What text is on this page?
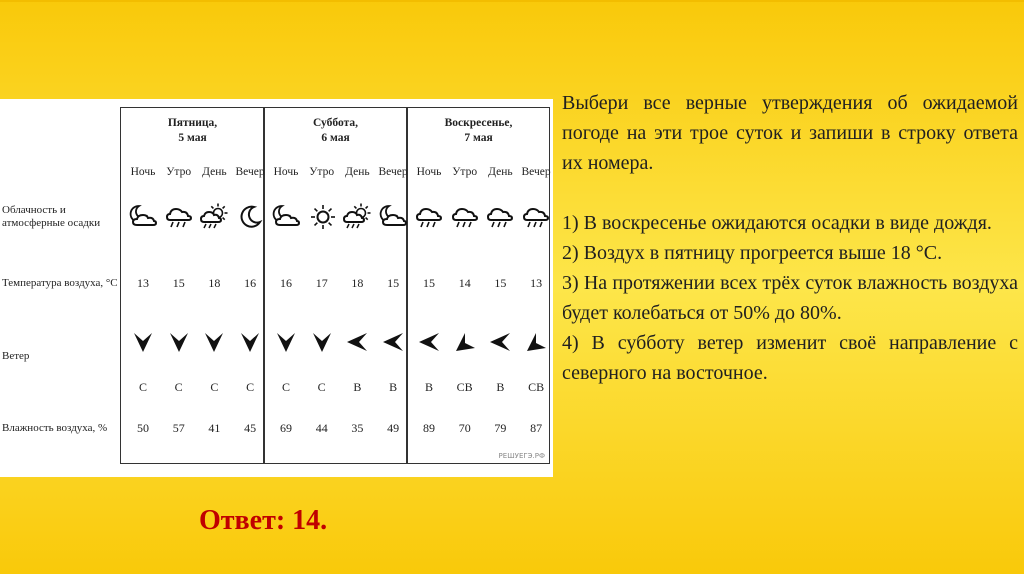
Облачность и атмосферные осадки
Температура воздуха, °С
Ветер
Влажность воздуха, %
РЕШУЕГЭ.РФ
Пятница,
5 мая
Ночь
13
С
50
Утро
15
С
57
День
18
С
41
Вечер
16
С
45
Суббота,
6 мая
Ночь
16
С
69
Утро
17
С
44
День
18
В
35
Вечер
15
В
49
Воскресенье,
7 мая
Ночь
15
В
89
Утро
14
СВ
70
День
15
В
79
Вечер
13
СВ
87

Выбери все верные утверждения об ожидаемой погоде на эти трое суток и запиши в строку ответа их номера.

1) В воскресенье ожидаются осадки в виде дождя.

2) Воздух в пятницу прогреется выше 18 °С.

3) На протяжении всех трёх суток влажность воздуха будет колебаться от 50% до 80%.

4) В субботу ветер изменит своё направление с северного на восточное.

Ответ: 14.
